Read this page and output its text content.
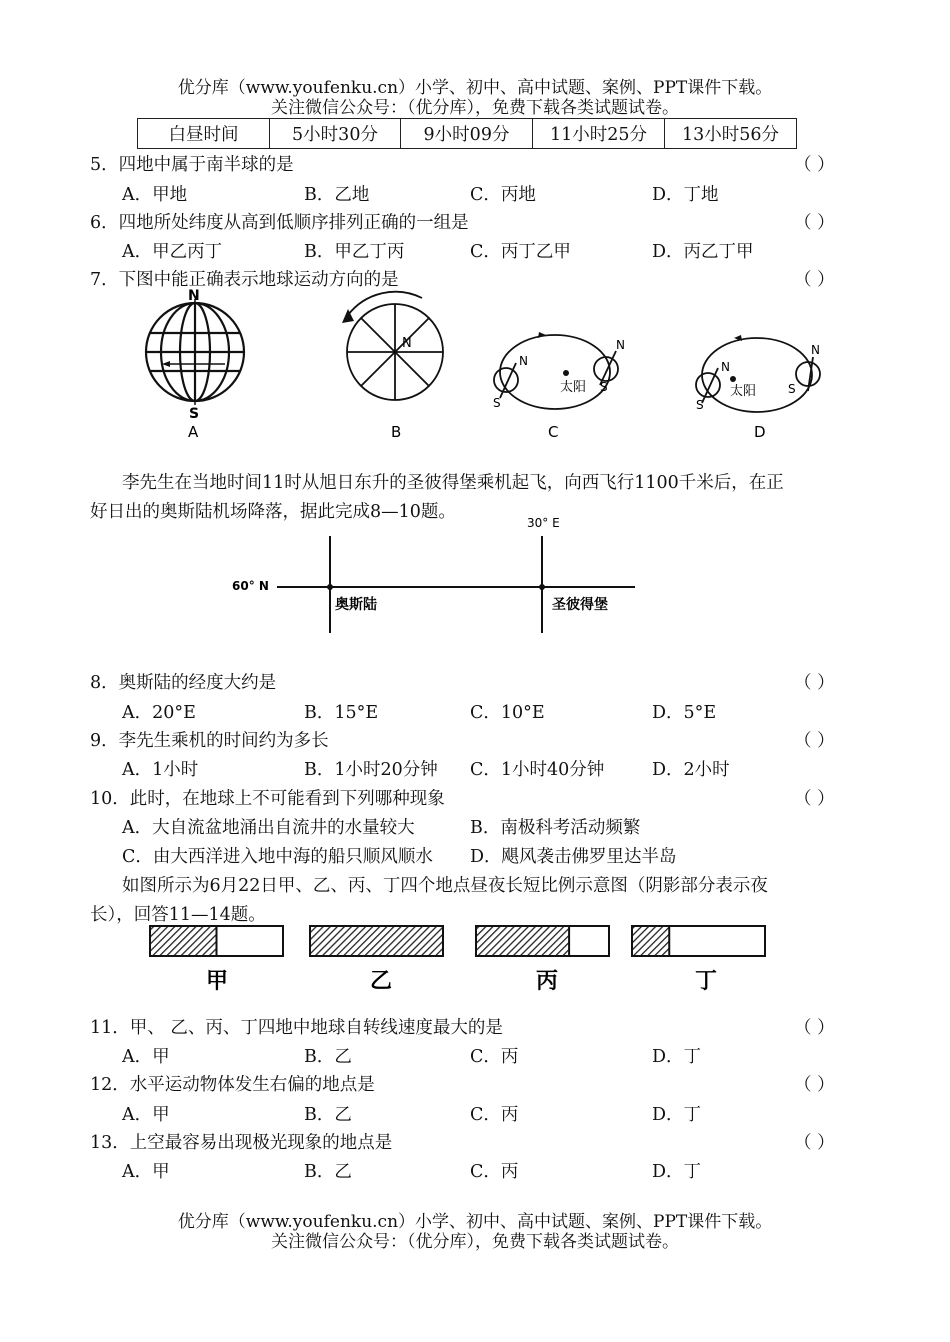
优分库（www.youfenku.cn）小学、初中、高中试题、案例、PPT课件下载。
关注微信公众号：（优分库），免费下载各类试题试卷。
白昼时间	5小时30分	9小时09分	11小时25分	13小时56分
5．四地中属于南半球的是	（ ）
A．甲地	B．乙地	C．丙地	D．丁地
6．四地所处纬度从高到低顺序排列正确的一组是	（ ）
A．甲乙丙丁	B．甲乙丁丙	C．丙丁乙甲	D．丙乙丁甲
7．下图中能正确表示地球运动方向的是	（ ）
N
S
A
N
B
太阳
N
S
N
S
C
太阳
N
S
N
S
D
李先生在当地时间11时从旭日东升的圣彼得堡乘机起飞，向西飞行1100千米后，在正
好日出的奥斯陆机场降落，据此完成8—10题。
30° E
60° N
奥斯陆	圣彼得堡
8．奥斯陆的经度大约是	（ ）
A．20°E	B．15°E	C．10°E	D．5°E
9．李先生乘机的时间约为多长	（ ）
A．1小时	B．1小时20分钟 C．1小时40分钟	D．2小时
10．此时，在地球上不可能看到下列哪种现象	（ ）
A．大自流盆地涌出自流井的水量较大	B．南极科考活动频繁
C．由大西洋进入地中海的船只顺风顺水 D．飓风袭击佛罗里达半岛
如图所示为6月22日甲、乙、丙、丁四个地点昼夜长短比例示意图（阴影部分表示夜
长），回答11—14题。
甲	乙	丙	丁
11．甲、 乙、丙、丁四地中地球自转线速度最大的是	（ ）
A．甲	B．乙	C．丙	D．丁
12．水平运动物体发生右偏的地点是	（ ）
A．甲	B．乙	C．丙	D．丁
13．上空最容易出现极光现象的地点是	（ ）
A．甲	B．乙	C．丙	D．丁
优分库（www.youfenku.cn）小学、初中、高中试题、案例、PPT课件下载。
关注微信公众号：（优分库），免费下载各类试题试卷。
